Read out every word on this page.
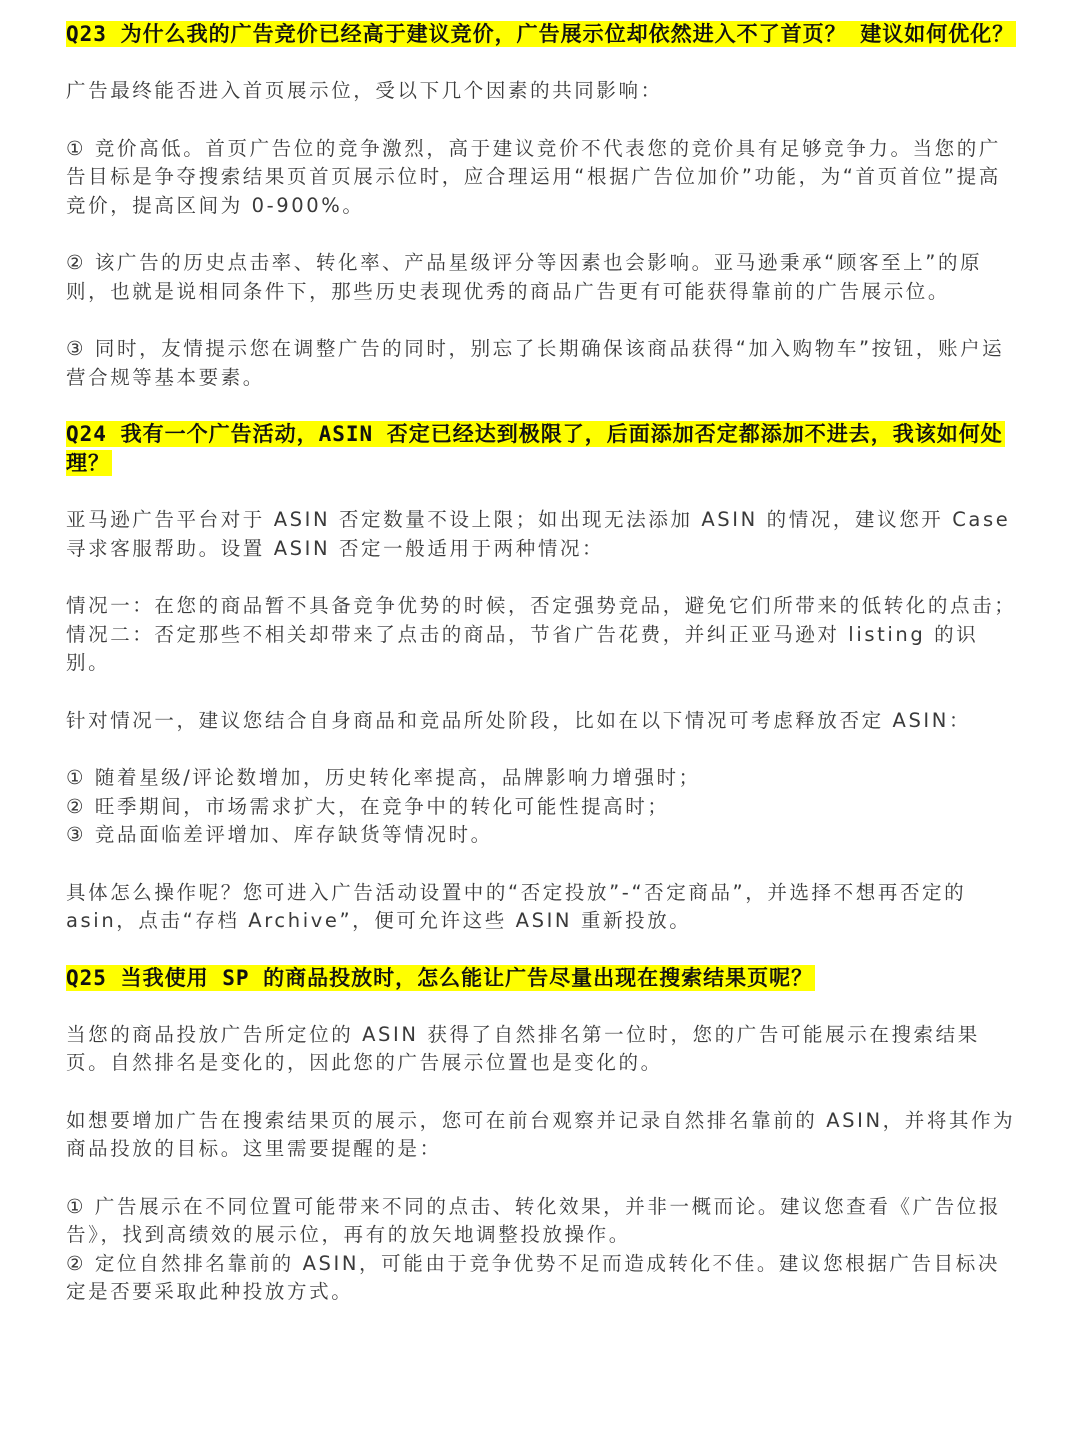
Q23 为什么我的广告竞价已经高于建议竞价，广告展示位却依然进入不了首页？ 建议如何优化？

广告最终能否进入首页展示位，受以下几个因素的共同影响：

① 竞价高低。首页广告位的竞争激烈，高于建议竞价不代表您的竞价具有足够竞争力。当您的广告目标是争夺搜索结果页首页展示位时，应合理运用“根据广告位加价”功能，为“首页首位”提高竞价，提高区间为 0-900%。

② 该广告的历史点击率、转化率、产品星级评分等因素也会影响。亚马逊秉承“顾客至上”的原则，也就是说相同条件下，那些历史表现优秀的商品广告更有可能获得靠前的广告展示位。

③ 同时，友情提示您在调整广告的同时，别忘了长期确保该商品获得“加入购物车”按钮，账户运营合规等基本要素。

Q24 我有一个广告活动，ASIN 否定已经达到极限了，后面添加否定都添加不进去，我该如何处理？

亚马逊广告平台对于 ASIN 否定数量不设上限；如出现无法添加 ASIN 的情况，建议您开 Case 寻求客服帮助。设置 ASIN 否定一般适用于两种情况：

情况一：在您的商品暂不具备竞争优势的时候，否定强势竞品，避免它们所带来的低转化的点击；

情况二：否定那些不相关却带来了点击的商品，节省广告花费，并纠正亚马逊对 listing 的识别。

针对情况一，建议您结合自身商品和竞品所处阶段，比如在以下情况可考虑释放否定 ASIN：

① 随着星级/评论数增加，历史转化率提高，品牌影响力增强时；

② 旺季期间，市场需求扩大，在竞争中的转化可能性提高时；

③ 竞品面临差评增加、库存缺货等情况时。

具体怎么操作呢？您可进入广告活动设置中的“否定投放”-“否定商品”，并选择不想再否定的 asin，点击“存档 Archive”，便可允许这些 ASIN 重新投放。

Q25 当我使用 SP 的商品投放时，怎么能让广告尽量出现在搜索结果页呢？

当您的商品投放广告所定位的 ASIN 获得了自然排名第一位时，您的广告可能展示在搜索结果页。自然排名是变化的，因此您的广告展示位置也是变化的。

如想要增加广告在搜索结果页的展示，您可在前台观察并记录自然排名靠前的 ASIN，并将其作为商品投放的目标。这里需要提醒的是：

① 广告展示在不同位置可能带来不同的点击、转化效果，并非一概而论。建议您查看《广告位报告》，找到高绩效的展示位，再有的放矢地调整投放操作。

② 定位自然排名靠前的 ASIN，可能由于竞争优势不足而造成转化不佳。建议您根据广告目标决定是否要采取此种投放方式。
